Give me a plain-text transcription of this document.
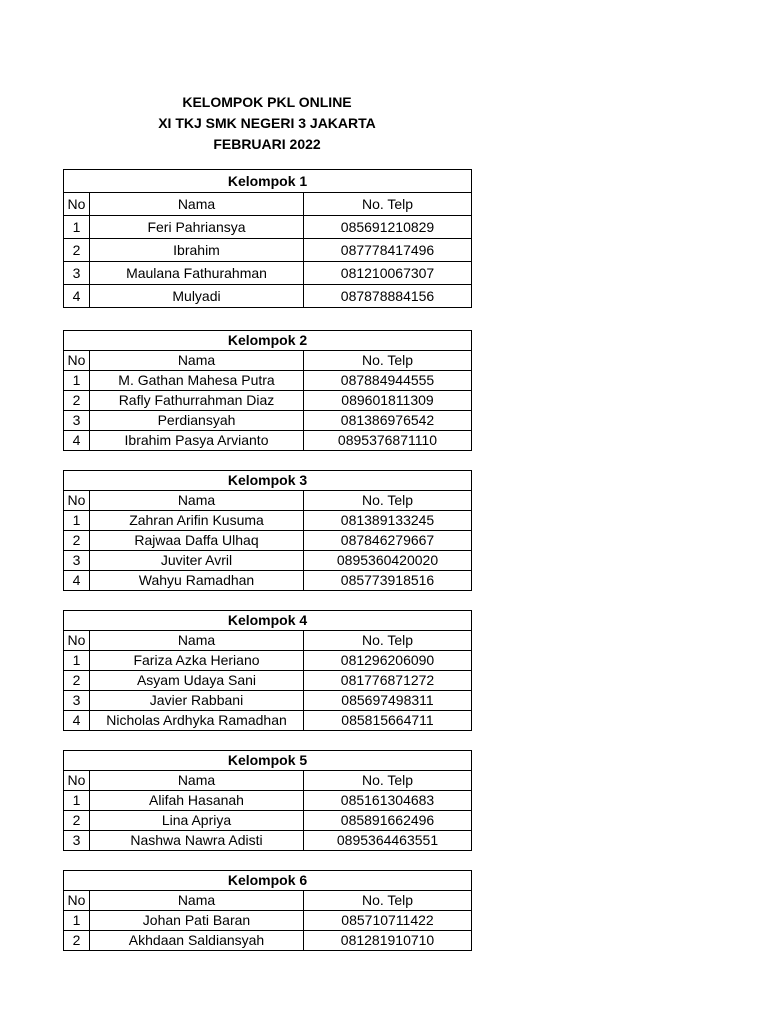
KELOMPOK PKL ONLINE
XI TKJ SMK NEGERI 3 JAKARTA
FEBRUARI 2022
Kelompok 1		
No	Nama	No. Telp
1	Feri Pahriansya	085691210829
2	Ibrahim	087778417496
3	Maulana Fathurahman	081210067307
4	Mulyadi	087878884156
Kelompok 2		
No	Nama	No. Telp
1	M. Gathan Mahesa Putra	087884944555
2	Rafly Fathurrahman Diaz	089601811309
3	Perdiansyah	081386976542
4	Ibrahim Pasya Arvianto	0895376871110
Kelompok 3		
No	Nama	No. Telp
1	Zahran Arifin Kusuma	081389133245
2	Rajwaa Daffa Ulhaq	087846279667
3	Juviter Avril	0895360420020
4	Wahyu Ramadhan	085773918516
Kelompok 4		
No	Nama	No. Telp
1	Fariza Azka Heriano	081296206090
2	Asyam Udaya Sani	081776871272
3	Javier Rabbani	085697498311
4	Nicholas Ardhyka Ramadhan	085815664711
Kelompok 5		
No	Nama	No. Telp
1	Alifah Hasanah	085161304683
2	Lina Apriya	085891662496
3	Nashwa Nawra Adisti	0895364463551
Kelompok 6		
No	Nama	No. Telp
1	Johan Pati Baran	085710711422
2	Akhdaan Saldiansyah	081281910710
